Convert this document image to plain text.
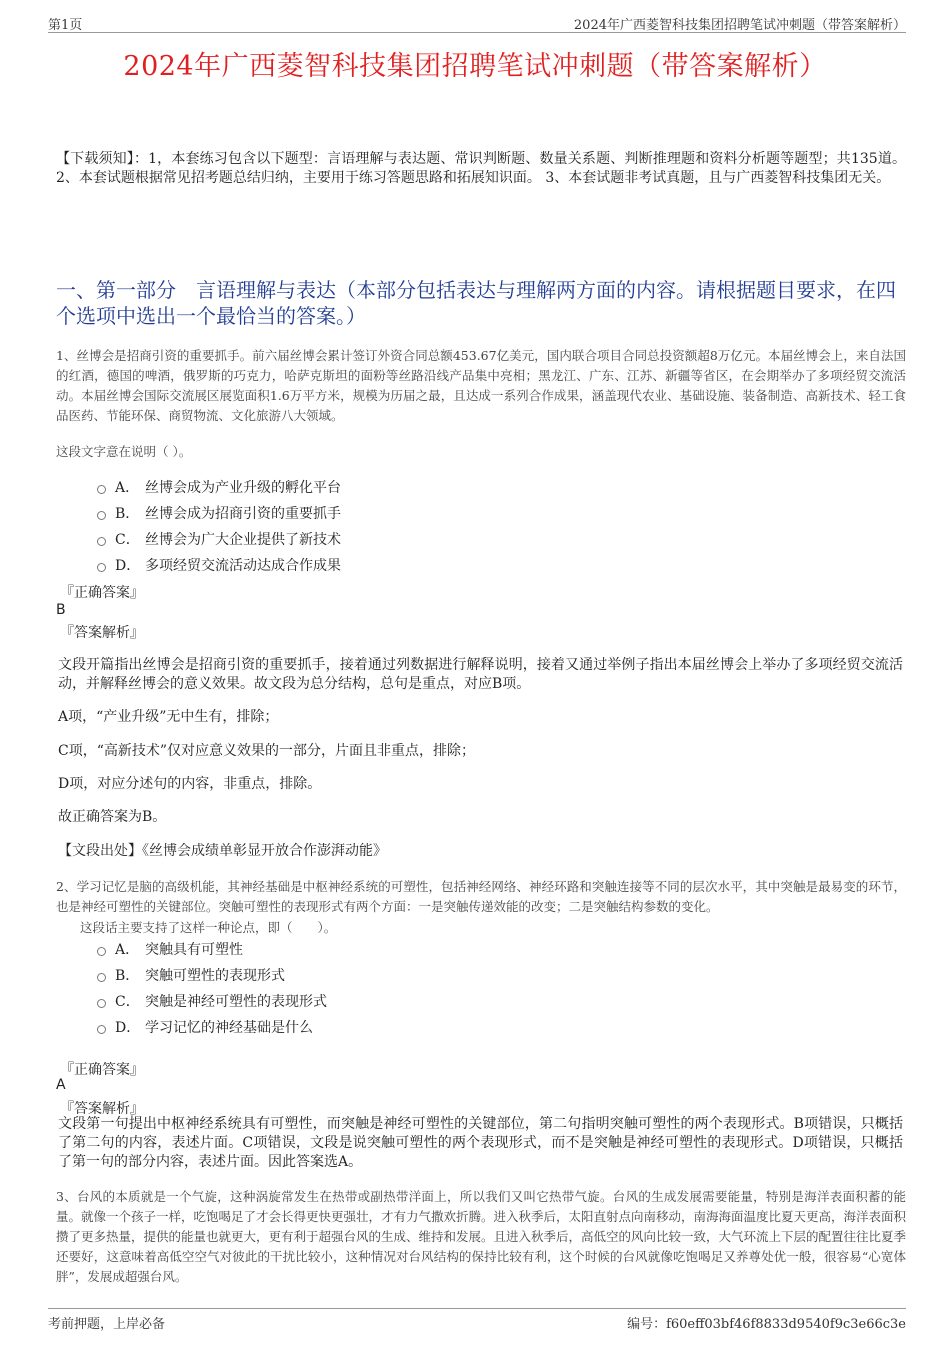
第1页	2024年广西菱智科技集团招聘笔试冲刺题（带答案解析）
2024年广西菱智科技集团招聘笔试冲刺题（带答案解析）
【下载须知】：1，本套练习包含以下题型：言语理解与表达题、常识判断题、数量关系题、判断推理题和资料分析题等题型；共135道。 2、本套试题根据常见招考题总结归纳，主要用于练习答题思路和拓展知识面。 3、本套试题非考试真题，且与广西菱智科技集团无关。
一、第一部分　言语理解与表达（本部分包括表达与理解两方面的内容。请根据题目要求，在四个选项中选出一个最恰当的答案。）
1、丝博会是招商引资的重要抓手。前六届丝博会累计签订外资合同总额453.67亿美元，国内联合项目合同总投资额超8万亿元。本届丝博会上，来自法国的红酒，德国的啤酒，俄罗斯的巧克力，哈萨克斯坦的面粉等丝路沿线产品集中亮相；黑龙江、广东、江苏、新疆等省区，在会期举办了多项经贸交流活动。本届丝博会国际交流展区展览面积1.6万平方米，规模为历届之最，且达成一系列合作成果，涵盖现代农业、基础设施、装备制造、高新技术、轻工食品医药、节能环保、商贸物流、文化旅游八大领域。
这段文字意在说明（ ）。
A． 丝博会成为产业升级的孵化平台
B． 丝博会成为招商引资的重要抓手
C． 丝博会为广大企业提供了新技术
D． 多项经贸交流活动达成合作成果
『正确答案』
B
『答案解析』
文段开篇指出丝博会是招商引资的重要抓手，接着通过列数据进行解释说明，接着又通过举例子指出本届丝博会上举办了多项经贸交流活动，并解释丝博会的意义效果。故文段为总分结构，总句是重点，对应B项。
A项，“产业升级”无中生有，排除；
C项，“高新技术”仅对应意义效果的一部分，片面且非重点，排除；
D项，对应分述句的内容，非重点，排除。
故正确答案为B。
【文段出处】《丝博会成绩单彰显开放合作澎湃动能》
2、学习记忆是脑的高级机能，其神经基础是中枢神经系统的可塑性，包括神经网络、神经环路和突触连接等不同的层次水平，其中突触是最易变的环节，也是神经可塑性的关键部位。突触可塑性的表现形式有两个方面：一是突触传递效能的改变；二是突触结构参数的变化。
这段话主要支持了这样一种论点，即（　　）。
A． 突触具有可塑性
B． 突触可塑性的表现形式
C． 突触是神经可塑性的表现形式
D． 学习记忆的神经基础是什么
『正确答案』
A
『答案解析』
文段第一句提出中枢神经系统具有可塑性，而突触是神经可塑性的关键部位，第二句指明突触可塑性的两个表现形式。B项错误，只概括了第二句的内容，表述片面。C项错误，文段是说突触可塑性的两个表现形式，而不是突触是神经可塑性的表现形式。D项错误，只概括了第一句的部分内容，表述片面。因此答案选A。
3、台风的本质就是一个气旋，这种涡旋常发生在热带或副热带洋面上，所以我们又叫它热带气旋。台风的生成发展需要能量，特别是海洋表面积蓄的能量。就像一个孩子一样，吃饱喝足了才会长得更快更强壮，才有力气撒欢折腾。进入秋季后，太阳直射点向南移动，南海海面温度比夏天更高，海洋表面积攒了更多热量，提供的能量也就更大，更有利于超强台风的生成、维持和发展。且进入秋季后，高低空的风向比较一致，大气环流上下层的配置往往比夏季还要好，这意味着高低空空气对彼此的干扰比较小，这种情况对台风结构的保持比较有利，这个时候的台风就像吃饱喝足又养尊处优一般，很容易“心宽体胖”，发展成超强台风。
考前押题，上岸必备	编号：f60eff03bf46f8833d9540f9c3e66c3e
